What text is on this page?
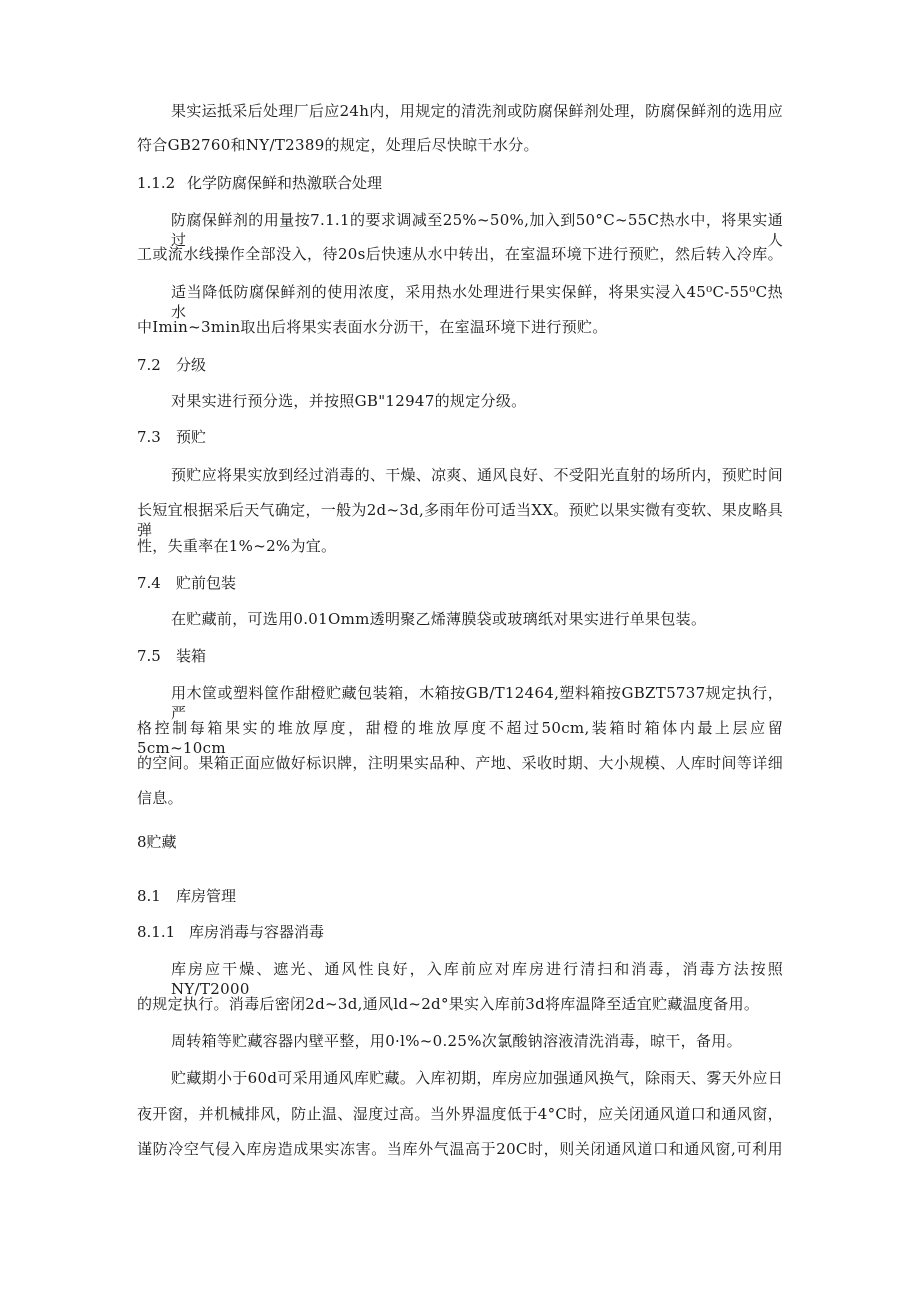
果实运抵采后处理厂后应24h内，用规定的清洗剂或防腐保鲜剂处理，防腐保鲜剂的选用应
符合GB2760和NY/T2389的规定，处理后尽快晾干水分。
1.1.2 化学防腐保鲜和热激联合处理
防腐保鲜剂的用量按7.1.1的要求调减至25%~50%,加入到50°C~55C热水中，将果实通过人
工或流水线操作全部没入，待20s后快速从水中转出，在室温环境下进行预贮，然后转入冷库。
适当降低防腐保鲜剂的使用浓度，采用热水处理进行果实保鲜，将果实浸入45⁰C-55⁰C热水
中Imin~3min取出后将果实表面水分沥干，在室温环境下进行预贮。
7.2 分级
对果实进行预分选，并按照GB"12947的规定分级。
7.3 预贮
预贮应将果实放到经过消毒的、干燥、凉爽、通风良好、不受阳光直射的场所内，预贮时间
长短宜根据采后天气确定，一般为2d~3d,多雨年份可适当XX。预贮以果实微有变软、果皮略具弹
性，失重率在1%~2%为宜。
7.4 贮前包装
在贮藏前，可选用0.01Omm透明聚乙烯薄膜袋或玻璃纸对果实进行单果包装。
7.5 装箱
用木筐或塑料筐作甜橙贮藏包装箱，木箱按GB/T12464,塑料箱按GBZT5737规定执行，严
格控制每箱果实的堆放厚度，甜橙的堆放厚度不超过50cm,装箱时箱体内最上层应留5cm~10cm
的空间。果箱正面应做好标识牌，注明果实品种、产地、采收时期、大小规模、人库时间等详细
信息。
8贮藏
8.1 库房管理
8.1.1 库房消毒与容器消毒
库房应干燥、遮光、通风性良好，入库前应对库房进行清扫和消毒，消毒方法按照NY/T2000
的规定执行。消毒后密闭2d~3d,通风ld~2d°果实入库前3d将库温降至适宜贮藏温度备用。
周转箱等贮藏容器内壁平整，用0·l%~0.25%次氯酸钠溶液清洗消毒，晾干，备用。
贮藏期小于60d可采用通风库贮藏。入库初期，库房应加强通风换气，除雨天、雾天外应日
夜开窗，并机械排风，防止温、湿度过高。当外界温度低于4°C时，应关闭通风道口和通风窗，
谨防冷空气侵入库房造成果实冻害。当库外气温高于20C时，则关闭通风道口和通风窗,可利用
